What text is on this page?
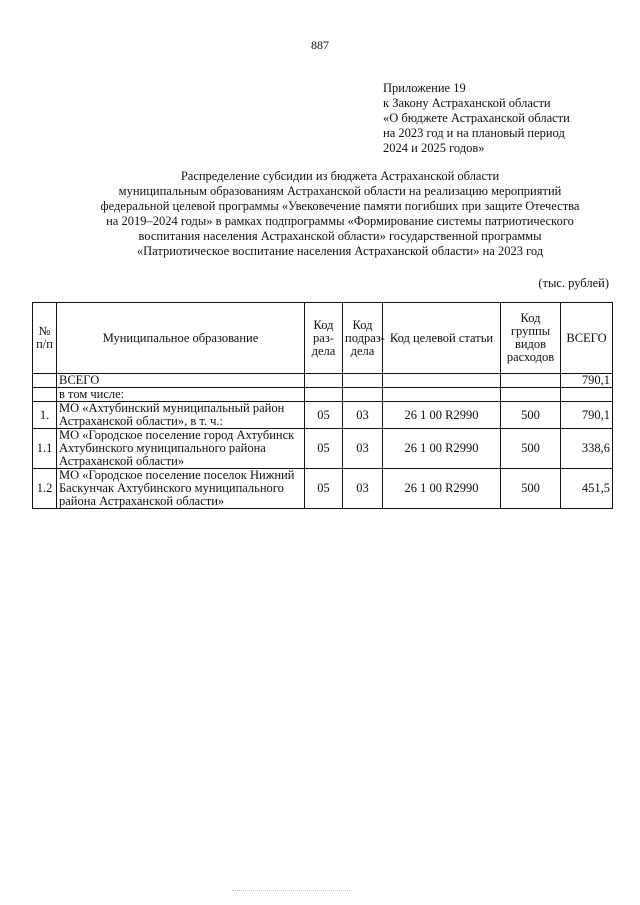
887
Приложение 19
к Закону Астраханской области
«О бюджете Астраханской области
на 2023 год и на плановый период
2024 и 2025 годов»
Распределение субсидии из бюджета Астраханской области
муниципальным образованиям Астраханской области на реализацию мероприятий
федеральной целевой программы «Увековечение памяти погибших при защите Отечества
на 2019–2024 годы» в рамках подпрограммы «Формирование системы патриотического
воспитания населения Астраханской области» государственной программы
«Патриотическое воспитание населения Астраханской области» на 2023 год
(тыс. рублей)
№ п/п	Муниципальное образование	Код раз-дела	Код подраз-дела	Код целевой статьи	Код группы видов расходов	ВСЕГО
	ВСЕГО					790,1
	в том числе:					
1.	МО «Ахтубинский муниципальный район Астраханской области», в т. ч.:	05	03	26 1 00 R2990	500	790,1
1.1	МО «Городское поселение город Ахтубинск Ахтубинского муниципального района Астраханской области»	05	03	26 1 00 R2990	500	338,6
1.2	МО «Городское поселение поселок Нижний Баскунчак Ахтубинского муниципального района Астраханской области»	05	03	26 1 00 R2990	500	451,5
